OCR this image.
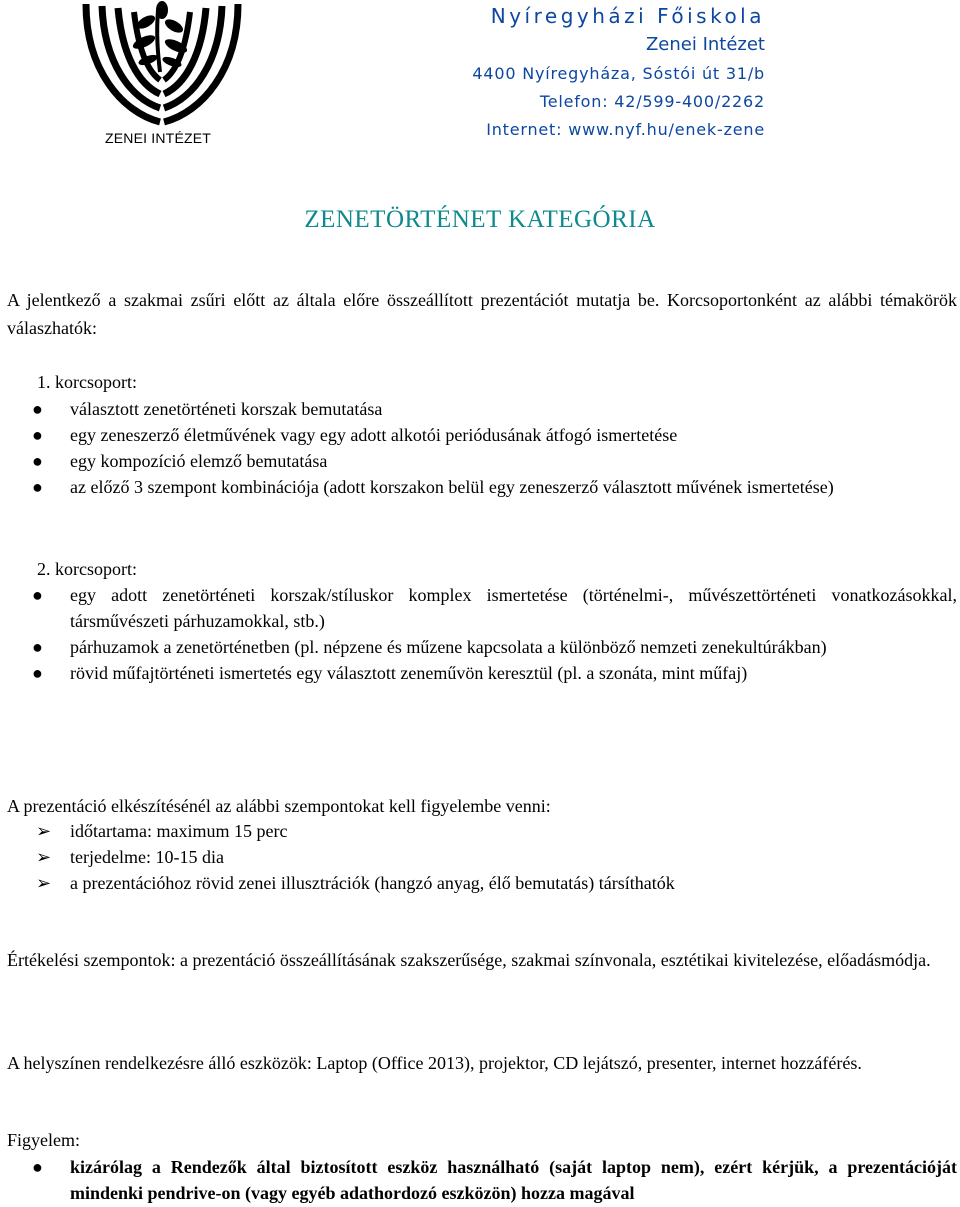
ZENEI INTÉZET
Nyíregyházi Főiskola
Zenei Intézet
4400 Nyíregyháza, Sóstói út 31/b
Telefon: 42/599-400/2262
Internet: www.nyf.hu/enek-zene
ZENETÖRTÉNET KATEGÓRIA
A jelentkező a szakmai zsűri előtt az általa előre összeállított prezentációt mutatja be. Korcsoportonként az alábbi témakörök válaszhatók:
1. korcsoport:
● választott zenetörténeti korszak bemutatása
● egy zeneszerző életművének vagy egy adott alkotói periódusának átfogó ismertetése
● egy kompozíció elemző bemutatása
● az előző 3 szempont kombinációja (adott korszakon belül egy zeneszerző választott művének ismertetése)
2. korcsoport:
● egy adott zenetörténeti korszak/stíluskor komplex ismertetése (történelmi-, művészettörténeti vonatkozásokkal, társművészeti párhuzamokkal, stb.)
● párhuzamok a zenetörténetben (pl. népzene és műzene kapcsolata a különböző nemzeti zenekultúrákban)
● rövid műfajtörténeti ismertetés egy választott zeneművön keresztül (pl. a szonáta, mint műfaj)
A prezentáció elkészítésénél az alábbi szempontokat kell figyelembe venni:
➢ időtartama: maximum 15 perc
➢ terjedelme: 10-15 dia
➢ a prezentációhoz rövid zenei illusztrációk (hangzó anyag, élő bemutatás) társíthatók
Értékelési szempontok: a prezentáció összeállításának szakszerűsége, szakmai színvonala, esztétikai kivitelezése, előadásmódja.
A helyszínen rendelkezésre álló eszközök: Laptop (Office 2013), projektor, CD lejátszó, presenter, internet hozzáférés.
Figyelem:
● kizárólag a Rendezők által biztosított eszköz használható (saját laptop nem), ezért kérjük, a prezentációját mindenki pendrive-on (vagy egyéb adathordozó eszközön) hozza magával
